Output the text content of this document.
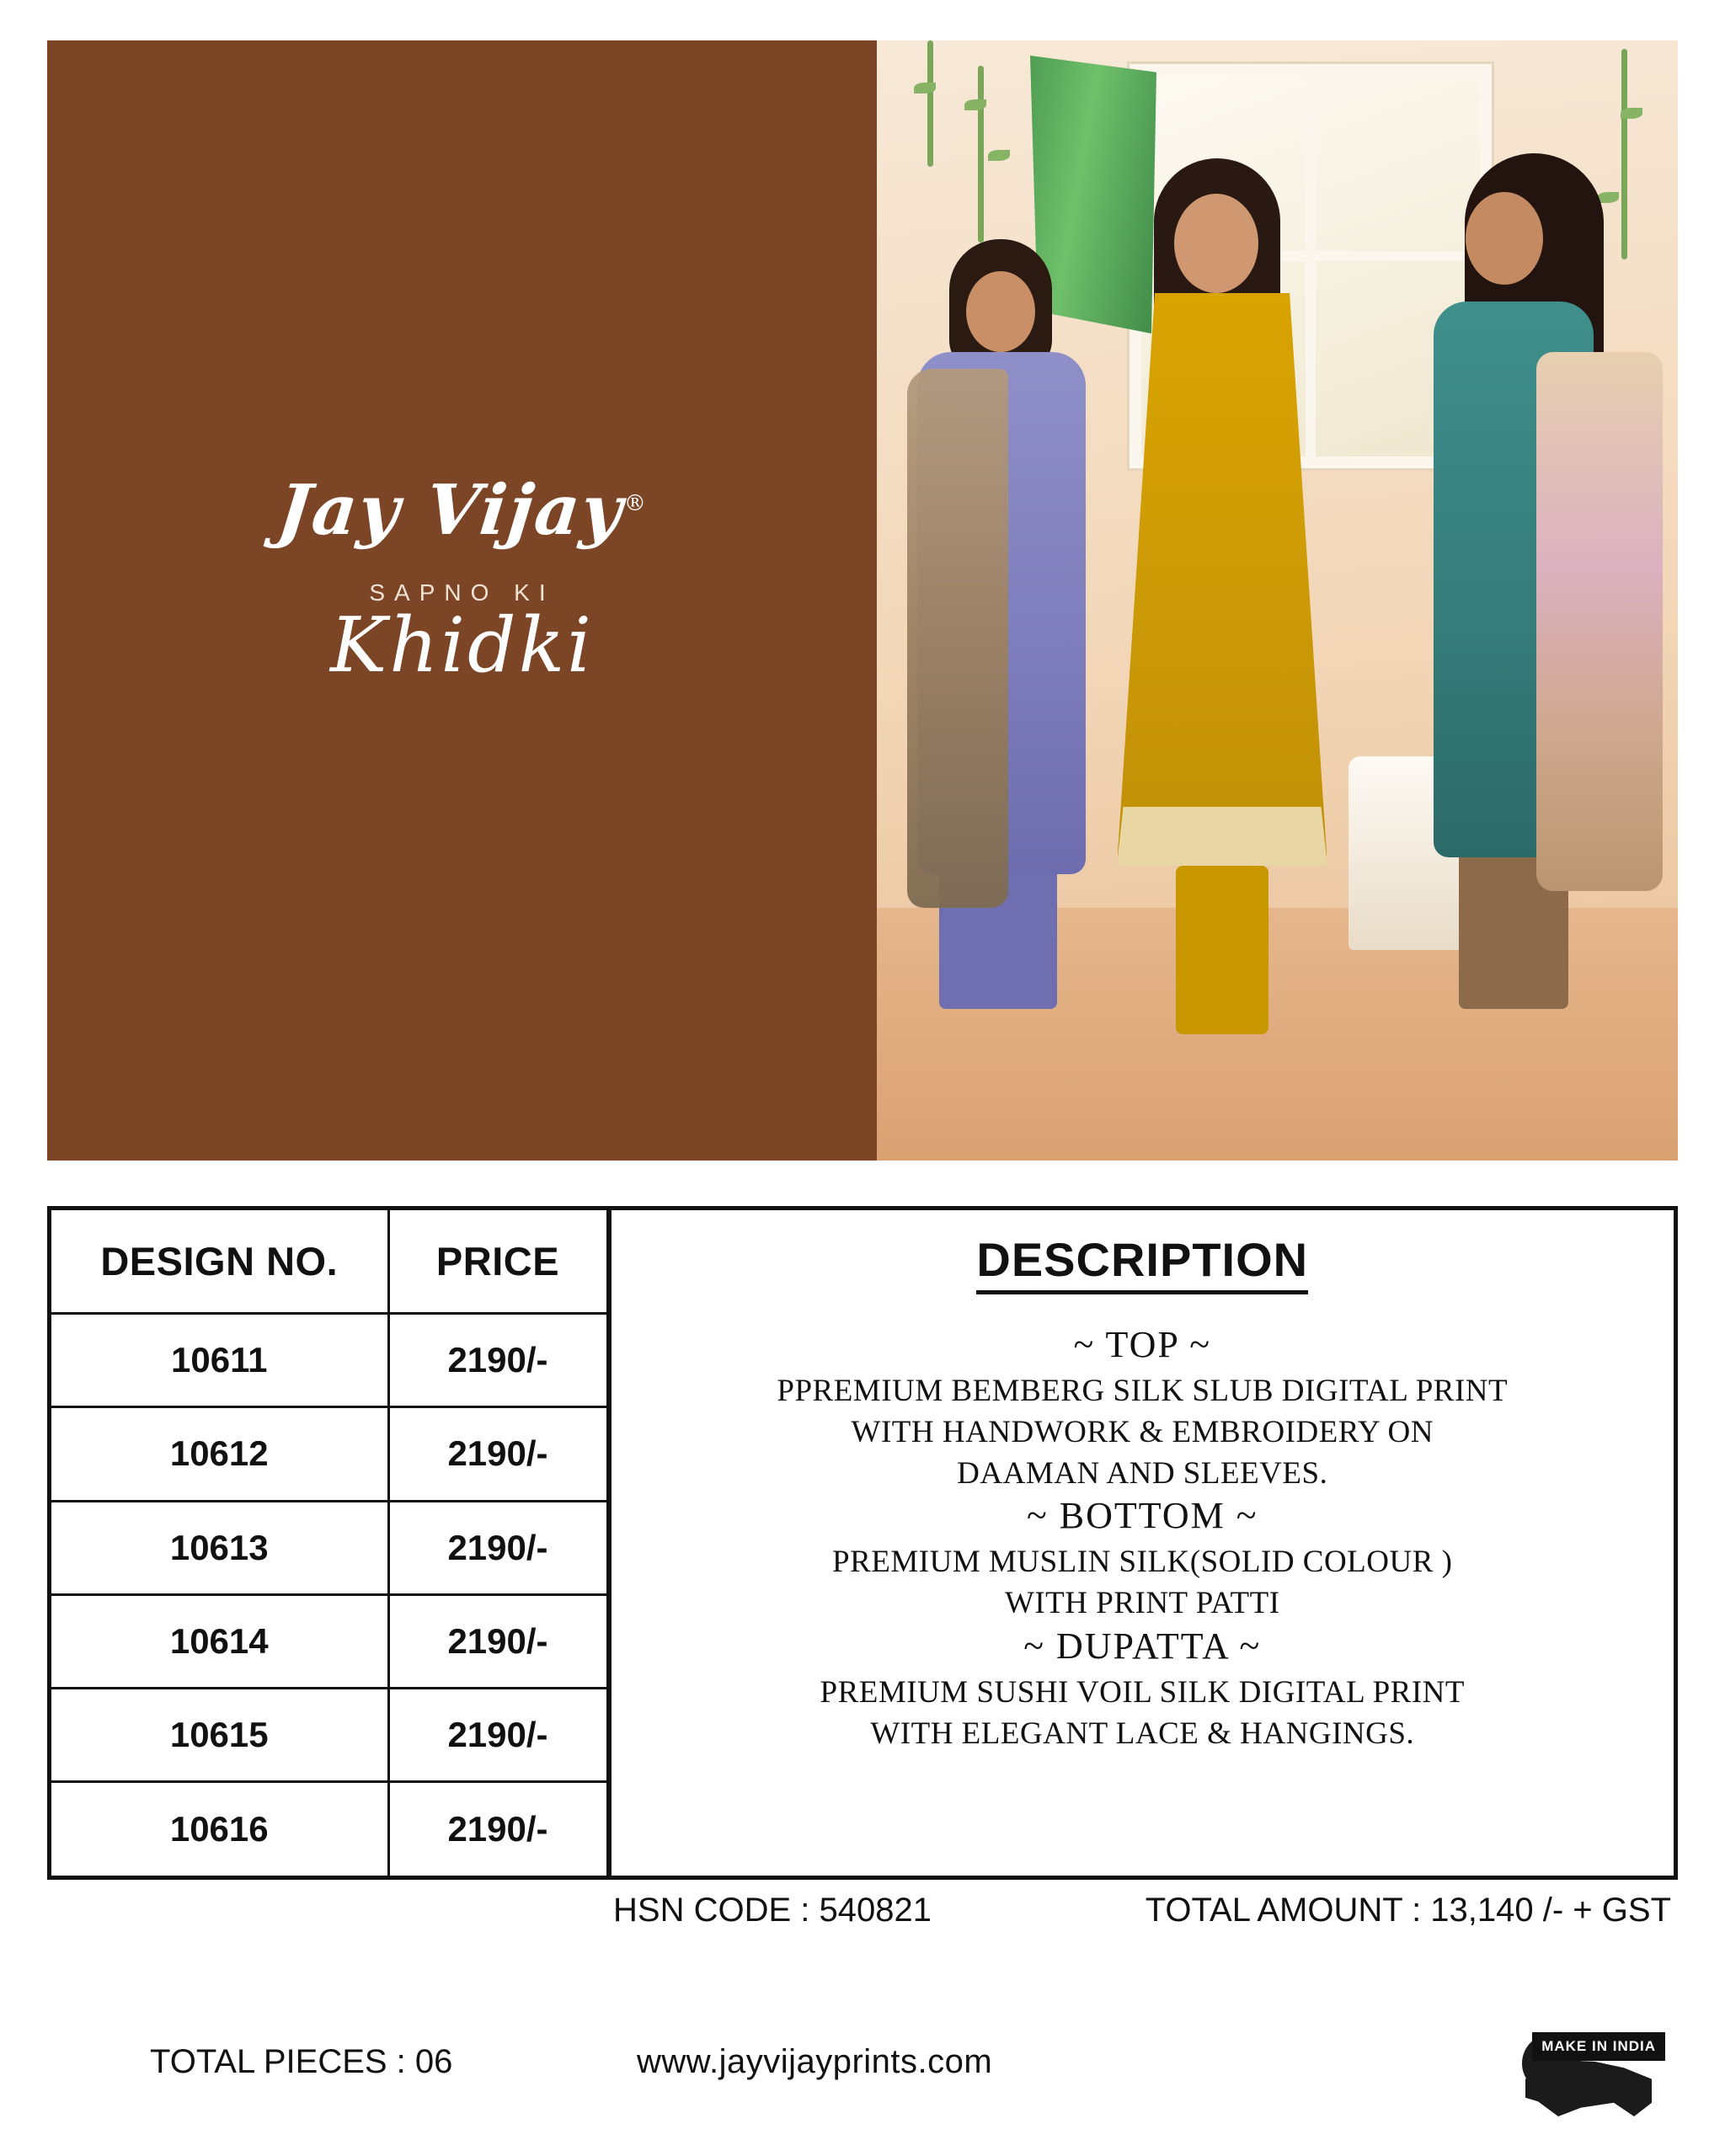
Jay Vijay®
SAPNO KI
Khidki
DESIGN NO.	PRICE
10611	2190/-
10612	2190/-
10613	2190/-
10614	2190/-
10615	2190/-
10616	2190/-
DESCRIPTION

~ TOP ~

PPREMIUM BEMBERG SILK SLUB DIGITAL PRINT
WITH HANDWORK & EMBROIDERY ON
DAAMAN AND SLEEVES.

~ BOTTOM ~

PREMIUM MUSLIN SILK(SOLID COLOUR )
WITH PRINT PATTI

~ DUPATTA ~

PREMIUM SUSHI VOIL SILK DIGITAL PRINT
WITH ELEGANT LACE & HANGINGS.

HSN CODE : 540821	TOTAL AMOUNT : 13,140 /- + GST
TOTAL PIECES : 06	www.jayvijayprints.com	MAKE IN INDIA
